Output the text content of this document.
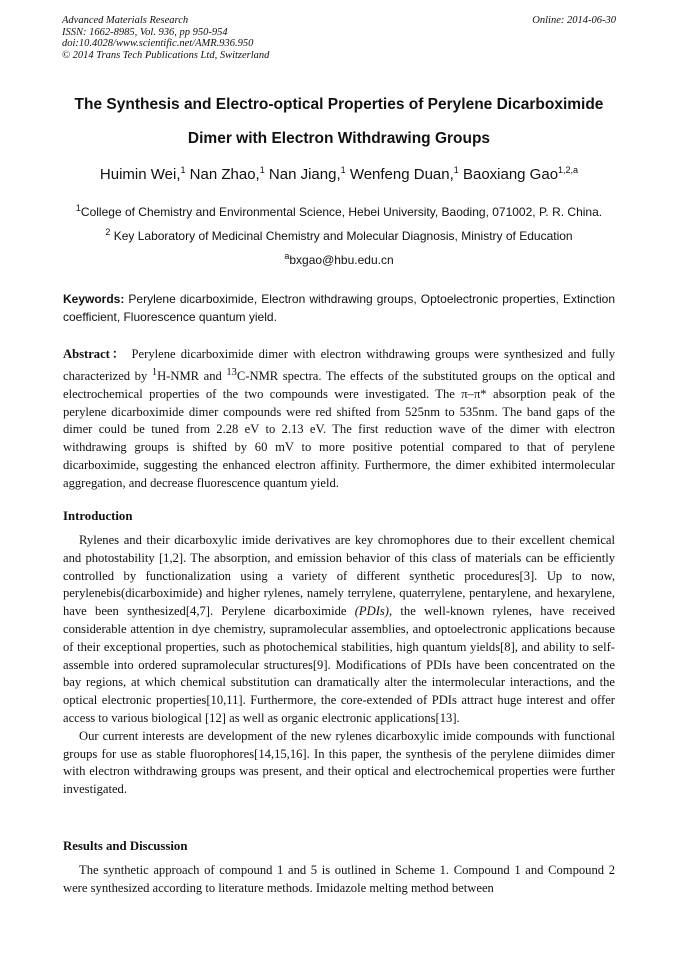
Advanced Materials Research
ISSN: 1662-8985, Vol. 936, pp 950-954
doi:10.4028/www.scientific.net/AMR.936.950
© 2014 Trans Tech Publications Ltd, Switzerland
Online: 2014-06-30
The Synthesis and Electro-optical Properties of Perylene Dicarboximide
Dimer with Electron Withdrawing Groups
Huimin Wei,$^1$ Nan Zhao,$^1$ Nan Jiang,$^1$ Wenfeng Duan,$^1$ Baoxiang Gao$^{1,2,a}$
$^1$College of Chemistry and Environmental Science, Hebei University, Baoding, 071002, P. R. China.
$^2$ Key Laboratory of Medicinal Chemistry and Molecular Diagnosis, Ministry of Education
$^a$bxgao@hbu.edu.cn
Keywords: Perylene dicarboximide, Electron withdrawing groups, Optoelectronic properties, Extinction coefficient, Fluorescence quantum yield.
Abstract： Perylene dicarboximide dimer with electron withdrawing groups were synthesized and fully characterized by $^1$H-NMR and $^{13}$C-NMR spectra. The effects of the substituted groups on the optical and electrochemical properties of the two compounds were investigated. The π–π* absorption peak of the perylene dicarboximide dimer compounds were red shifted from 525nm to 535nm. The band gaps of the dimer could be tuned from 2.28 eV to 2.13 eV. The first reduction wave of the dimer with electron withdrawing groups is shifted by 60 mV to more positive potential compared to that of perylene dicarboximide, suggesting the enhanced electron affinity. Furthermore, the dimer exhibited intermolecular aggregation, and decrease fluorescence quantum yield.
Introduction

Rylenes and their dicarboxylic imide derivatives are key chromophores due to their excellent chemical and photostability [1,2]. The absorption, and emission behavior of this class of materials can be efficiently controlled by functionalization using a variety of different synthetic procedures[3]. Up to now, perylenebis(dicarboximide) and higher rylenes, namely terrylene, quaterrylene, pentarylene, and hexarylene, have been synthesized[4,7]. Perylene dicarboximide (PDIs), the well-known rylenes, have received considerable attention in dye chemistry, supramolecular assemblies, and optoelectronic applications because of their exceptional properties, such as photochemical stabilities, high quantum yields[8], and ability to self-assemble into ordered supramolecular structures[9]. Modifications of PDIs have been concentrated on the bay regions, at which chemical substitution can dramatically alter the intermolecular interactions, and the optical electronic properties[10,11]. Furthermore, the core-extended of PDIs attract huge interest and offer access to various biological [12] as well as organic electronic applications[13].

Our current interests are development of the new rylenes dicarboxylic imide compounds with functional groups for use as stable fluorophores[14,15,16]. In this paper, the synthesis of the perylene diimides dimer with electron withdrawing groups was present, and their optical and electrochemical properties were further investigated.

Results and Discussion

The synthetic approach of compound 1 and 5 is outlined in Scheme 1. Compound 1 and Compound 2 were synthesized according to literature methods. Imidazole melting method between
